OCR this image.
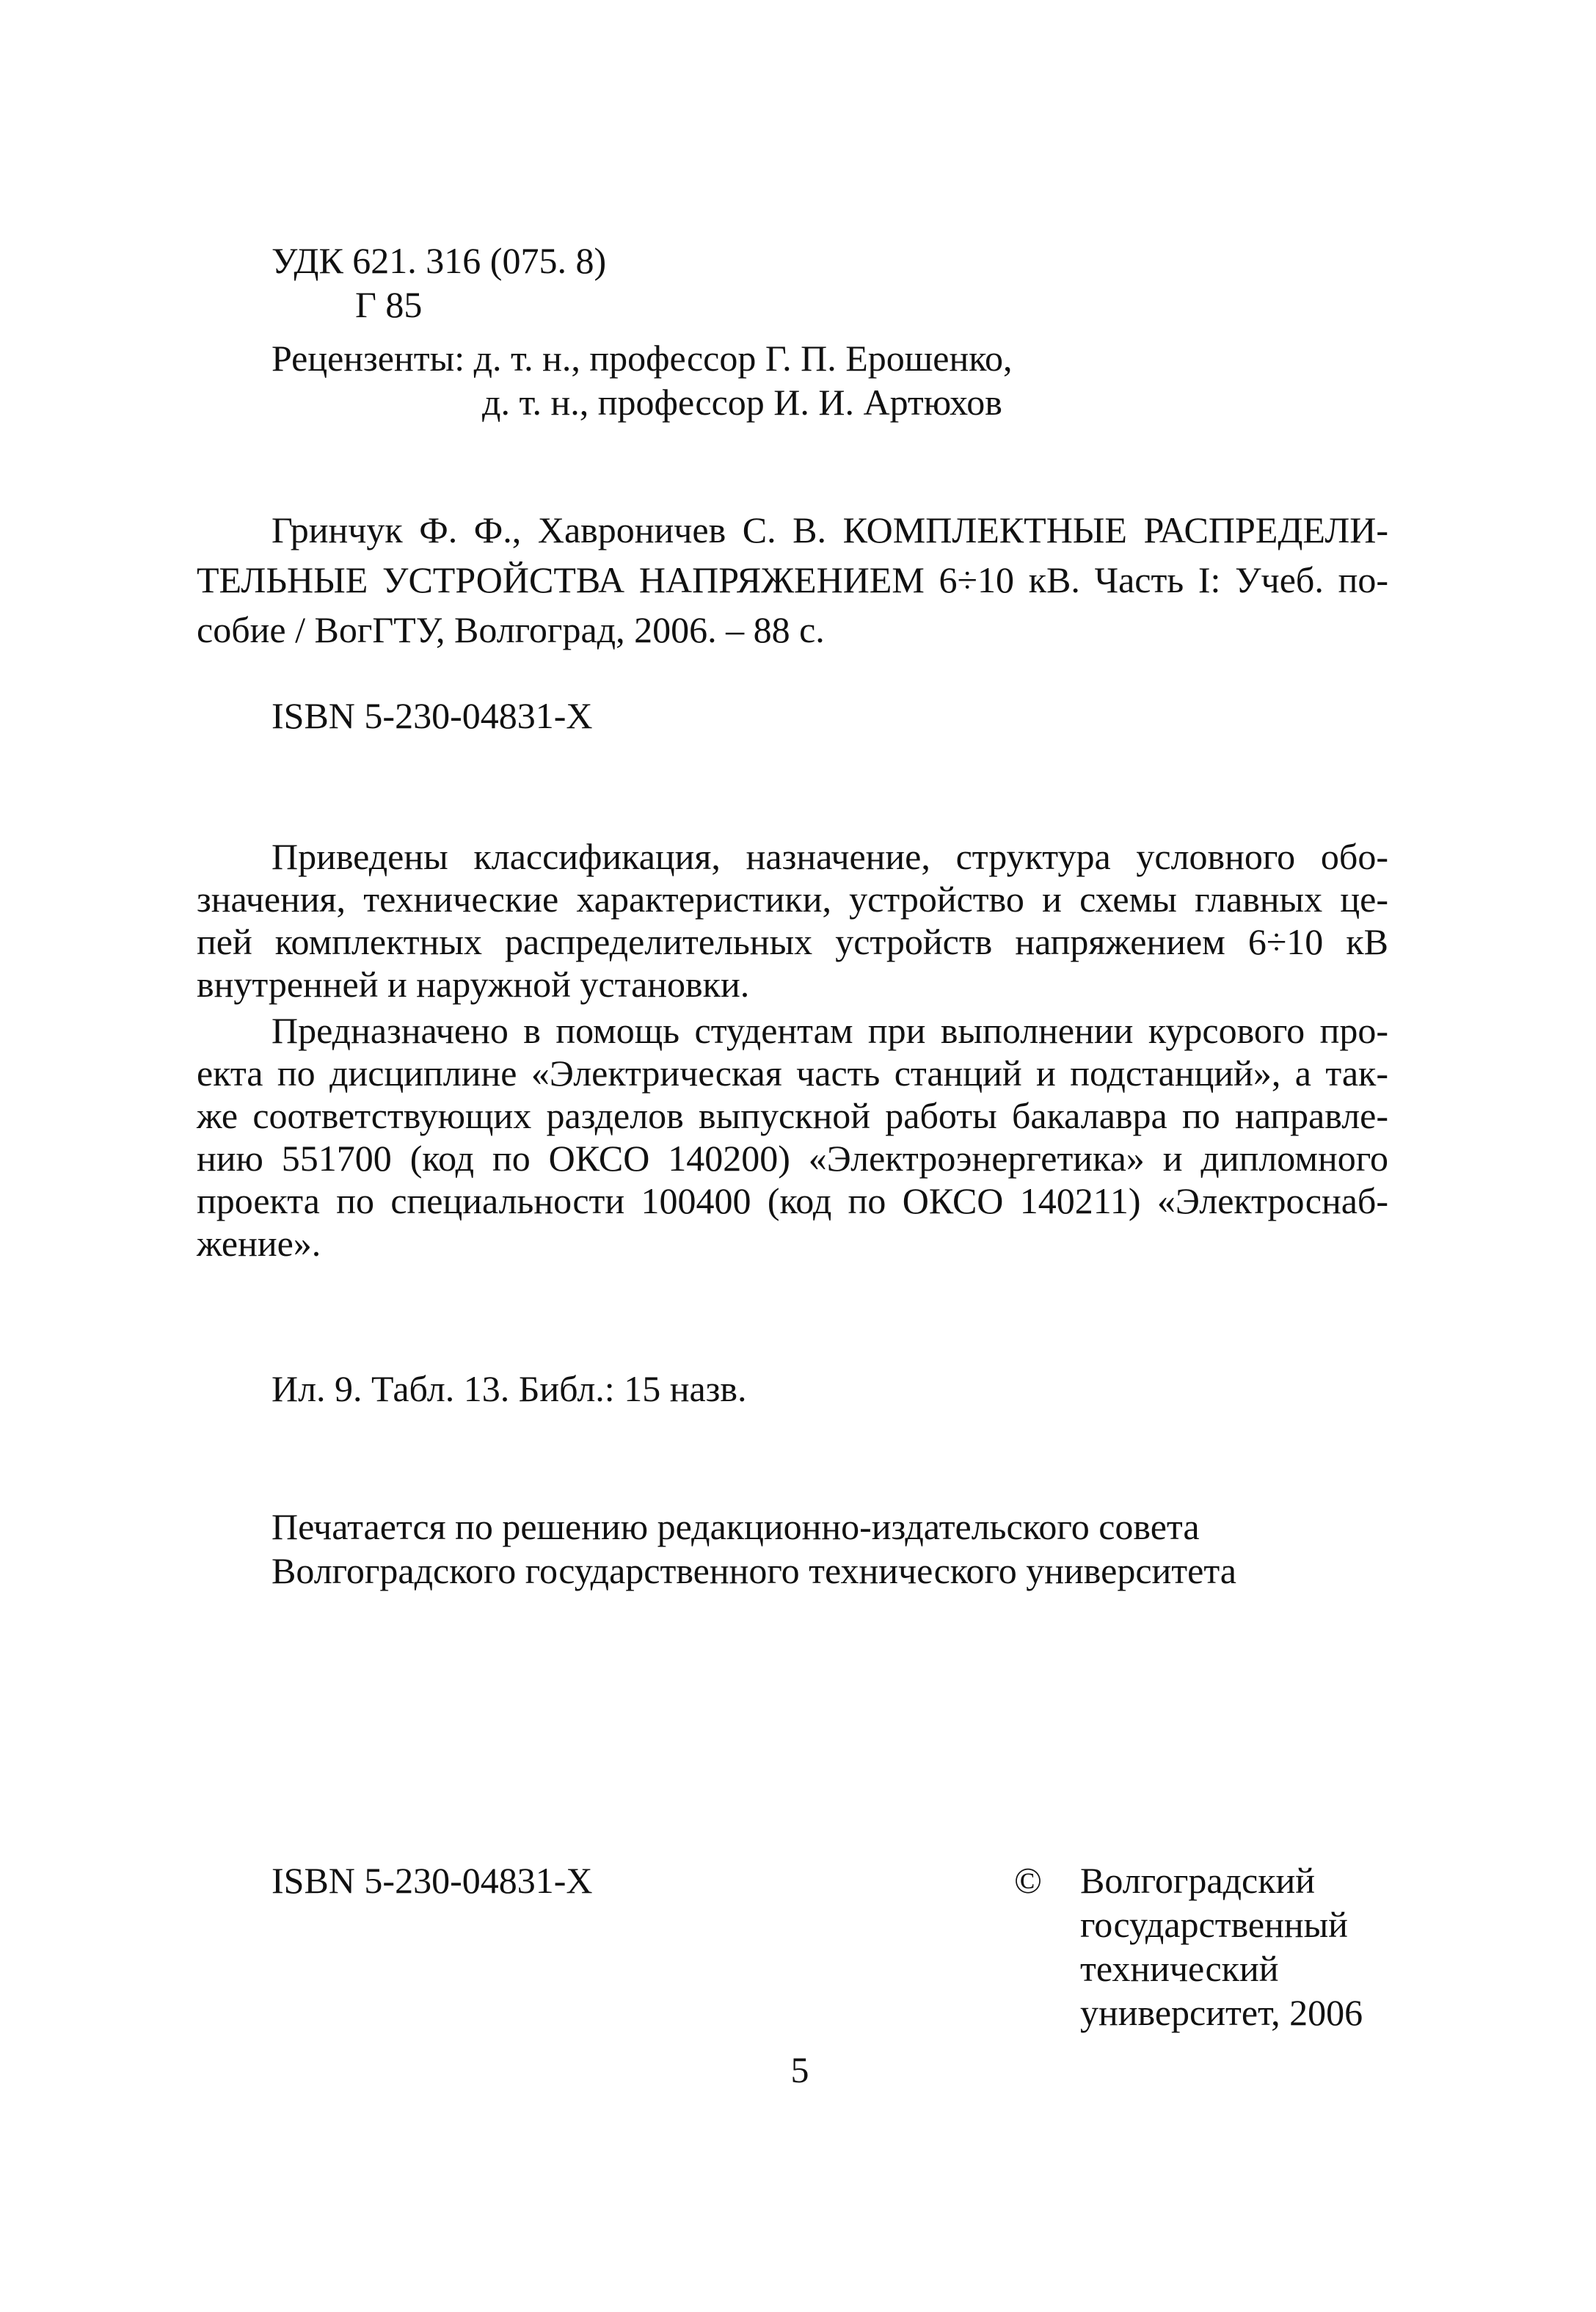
УДК 621. 316 (075. 8)

Г 85

Рецензенты: д. т. н., профессор Г. П. Ерошенко,

д. т. н., профессор И. И. Артюхов

Гринчук Ф. Ф., Хавроничев С. В. КОМПЛЕКТНЫЕ РАСПРЕДЕЛИ-

ТЕЛЬНЫЕ УСТРОЙСТВА НАПРЯЖЕНИЕМ 6÷10 кВ. Часть I: Учеб. по-

собие / ВогГТУ, Волгоград, 2006. – 88 с.

ISBN 5-230-04831-X

Приведены классификация, назначение, структура условного обо-

значения, технические характеристики, устройство и схемы главных це-

пей комплектных распределительных устройств напряжением 6÷10 кВ

внутренней и наружной установки.

Предназначено в помощь студентам при выполнении курсового про-

екта по дисциплине «Электрическая часть станций и подстанций», а так-

же соответствующих разделов выпускной работы бакалавра по направле-

нию 551700 (код по ОКСО 140200) «Электроэнергетика» и дипломного

проекта по специальности 100400 (код по ОКСО 140211) «Электроснаб-

жение».

Ил. 9. Табл. 13. Библ.: 15 назв.

Печатается по решению редакционно-издательского совета

Волгоградского государственного технического университета

ISBN 5-230-04831-X	© Волгоградский

государственный

технический

университет, 2006

5
